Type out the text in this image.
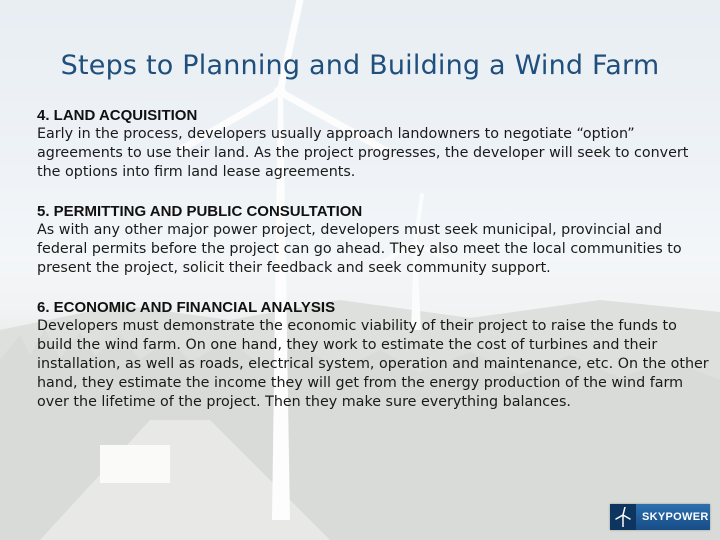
Steps to Planning and Building a Wind Farm
4. LAND ACQUISITION

Early in the process, developers usually approach landowners to negotiate “option” agreements to use their land. As the project progresses, the developer will seek to convert the options into firm land lease agreements.

5. PERMITTING AND PUBLIC CONSULTATION

As with any other major power project, developers must seek municipal, provincial and federal permits before the project can go ahead. They also meet the local communities to present the project, solicit their feedback and seek community support.

6. ECONOMIC AND FINANCIAL ANALYSIS

Developers must demonstrate the economic viability of their project to raise the funds to build the wind farm. On one hand, they work to estimate the cost of turbines and their installation, as well as roads, electrical system, operation and maintenance, etc. On the other hand, they estimate the income they will get from the energy production of the wind farm over the lifetime of the project. Then they make sure everything balances.

SKYPOWER
